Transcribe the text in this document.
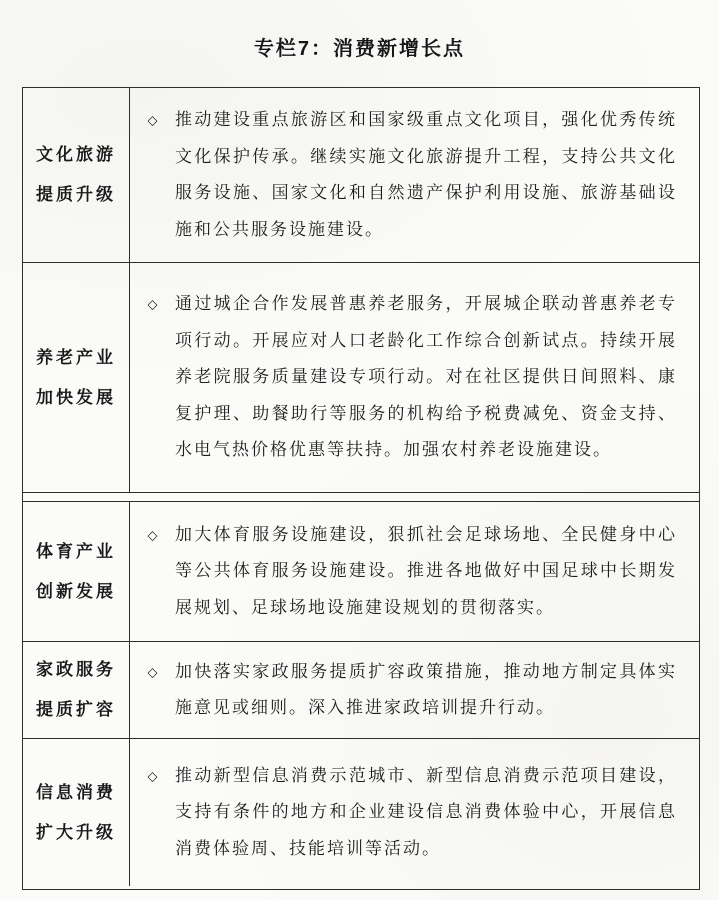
专栏7：消费新增长点
文化旅游
提质升级
◇	推动建设重点旅游区和国家级重点文化项目，强化优秀传统文化保护传承。继续实施文化旅游提升工程，支持公共文化服务设施、国家文化和自然遗产保护利用设施、旅游基础设施和公共服务设施建设。

养老产业
加快发展
◇	通过城企合作发展普惠养老服务，开展城企联动普惠养老专项行动。开展应对人口老龄化工作综合创新试点。持续开展养老院服务质量建设专项行动。对在社区提供日间照料、康复护理、助餐助行等服务的机构给予税费减免、资金支持、水电气热价格优惠等扶持。加强农村养老设施建设。

体育产业
创新发展
◇	加大体育服务设施建设，狠抓社会足球场地、全民健身中心等公共体育服务设施建设。推进各地做好中国足球中长期发展规划、足球场地设施建设规划的贯彻落实。

家政服务
提质扩容
◇	加快落实家政服务提质扩容政策措施，推动地方制定具体实施意见或细则。深入推进家政培训提升行动。

信息消费
扩大升级
◇	推动新型信息消费示范城市、新型信息消费示范项目建设，支持有条件的地方和企业建设信息消费体验中心，开展信息消费体验周、技能培训等活动。
